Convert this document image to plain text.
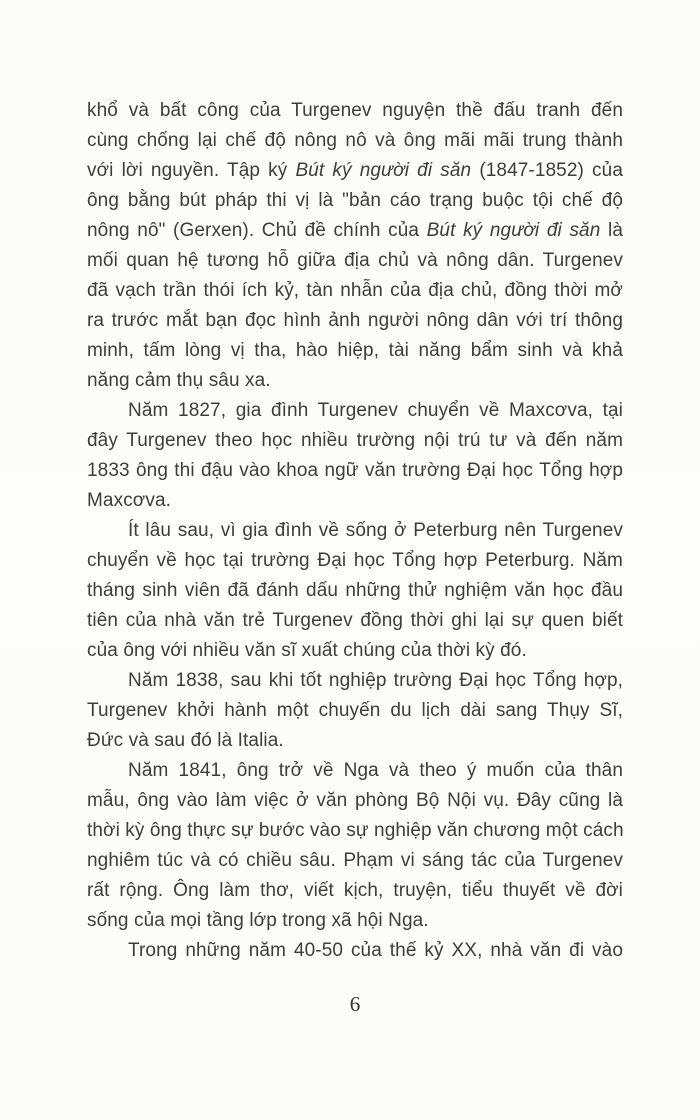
khổ và bất công của Turgenev nguyện thề đấu tranh đến
cùng chống lại chế độ nông nô và ông mãi mãi trung thành
với lời nguyền. Tập ký Bút ký người đi săn (1847-1852) của
ông bằng bút pháp thi vị là "bản cáo trạng buộc tội chế độ
nông nô" (Gerxen). Chủ đề chính của Bút ký người đi săn là
mối quan hệ tương hỗ giữa địa chủ và nông dân. Turgenev
đã vạch trần thói ích kỷ, tàn nhẫn của địa chủ, đồng thời mở
ra trước mắt bạn đọc hình ảnh người nông dân với trí thông
minh, tấm lòng vị tha, hào hiệp, tài năng bẩm sinh và khả
năng cảm thụ sâu xa.
Năm 1827, gia đình Turgenev chuyển về Maxcơva, tại
đây Turgenev theo học nhiều trường nội trú tư và đến năm
1833 ông thi đậu vào khoa ngữ văn trường Đại học Tổng hợp
Maxcơva.
Ít lâu sau, vì gia đình về sống ở Peterburg nên Turgenev
chuyển về học tại trường Đại học Tổng hợp Peterburg. Năm
tháng sinh viên đã đánh dấu những thử nghiệm văn học đầu
tiên của nhà văn trẻ Turgenev đồng thời ghi lại sự quen biết
của ông với nhiều văn sĩ xuất chúng của thời kỳ đó.
Năm 1838, sau khi tốt nghiệp trường Đại học Tổng hợp,
Turgenev khởi hành một chuyến du lịch dài sang Thụy Sĩ,
Đức và sau đó là Italia.
Năm 1841, ông trở về Nga và theo ý muốn của thân
mẫu, ông vào làm việc ở văn phòng Bộ Nội vụ. Đây cũng là
thời kỳ ông thực sự bước vào sự nghiệp văn chương một cách
nghiêm túc và có chiều sâu. Phạm vi sáng tác của Turgenev
rất rộng. Ông làm thơ, viết kịch, truyện, tiểu thuyết về đời
sống của mọi tầng lớp trong xã hội Nga.
Trong những năm 40-50 của thế kỷ XX, nhà văn đi vào
6
